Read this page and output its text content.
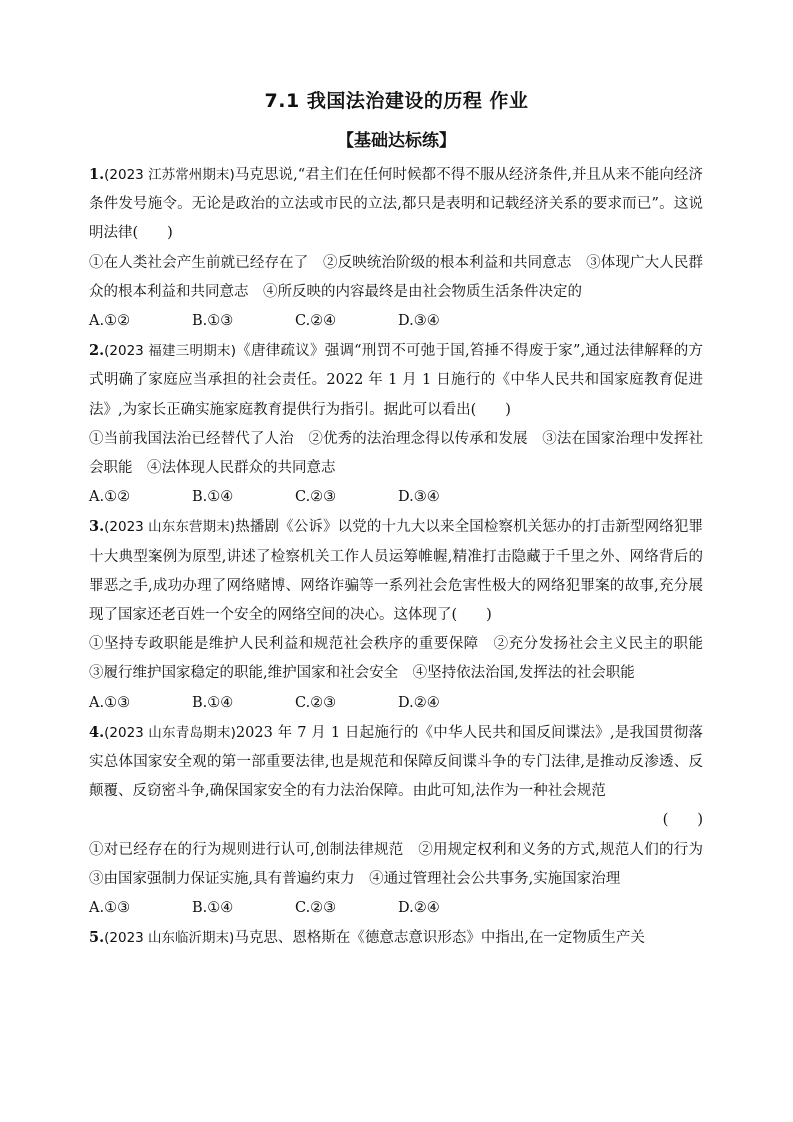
7.1 我国法治建设的历程 作业
【基础达标练】
1.(2023 江苏常州期末)马克思说,“君主们在任何时候都不得不服从经济条件,并且从来不能向经济条件发号施令。无论是政治的立法或市民的立法,都只是表明和记载经济关系的要求而已”。这说明法律(　　)
①在人类社会产生前就已经存在了　②反映统治阶级的根本利益和共同意志　③体现广大人民群众的根本利益和共同意志　④所反映的内容最终是由社会物质生活条件决定的
A.①②	B.①③	C.②④	D.③④
2.(2023 福建三明期末)《唐律疏议》强调“刑罚不可弛于国,笞捶不得废于家”,通过法律解释的方式明确了家庭应当承担的社会责任。2022 年 1 月 1 日施行的《中华人民共和国家庭教育促进法》,为家长正确实施家庭教育提供行为指引。据此可以看出(　　)
①当前我国法治已经替代了人治　②优秀的法治理念得以传承和发展　③法在国家治理中发挥社会职能　④法体现人民群众的共同意志
A.①②	B.①④	C.②③	D.③④
3.(2023 山东东营期末)热播剧《公诉》以党的十九大以来全国检察机关惩办的打击新型网络犯罪十大典型案例为原型,讲述了检察机关工作人员运筹帷幄,精准打击隐藏于千里之外、网络背后的罪恶之手,成功办理了网络赌博、网络诈骗等一系列社会危害性极大的网络犯罪案的故事,充分展现了国家还老百姓一个安全的网络空间的决心。这体现了(　　)
①坚持专政职能是维护人民利益和规范社会秩序的重要保障　②充分发扬社会主义民主的职能　③履行维护国家稳定的职能,维护国家和社会安全　④坚持依法治国,发挥法的社会职能
A.①③	B.①④	C.②③	D.②④
4.(2023 山东青岛期末)2023 年 7 月 1 日起施行的《中华人民共和国反间谍法》,是我国贯彻落实总体国家安全观的第一部重要法律,也是规范和保障反间谍斗争的专门法律,是推动反渗透、反颠覆、反窃密斗争,确保国家安全的有力法治保障。由此可知,法作为一种社会规范
(　　)
①对已经存在的行为规则进行认可,创制法律规范　②用规定权利和义务的方式,规范人们的行为　③由国家强制力保证实施,具有普遍约束力　④通过管理社会公共事务,实施国家治理
A.①③	B.①④	C.②③	D.②④
5.(2023 山东临沂期末)马克思、恩格斯在《德意志意识形态》中指出,在一定物质生产关
